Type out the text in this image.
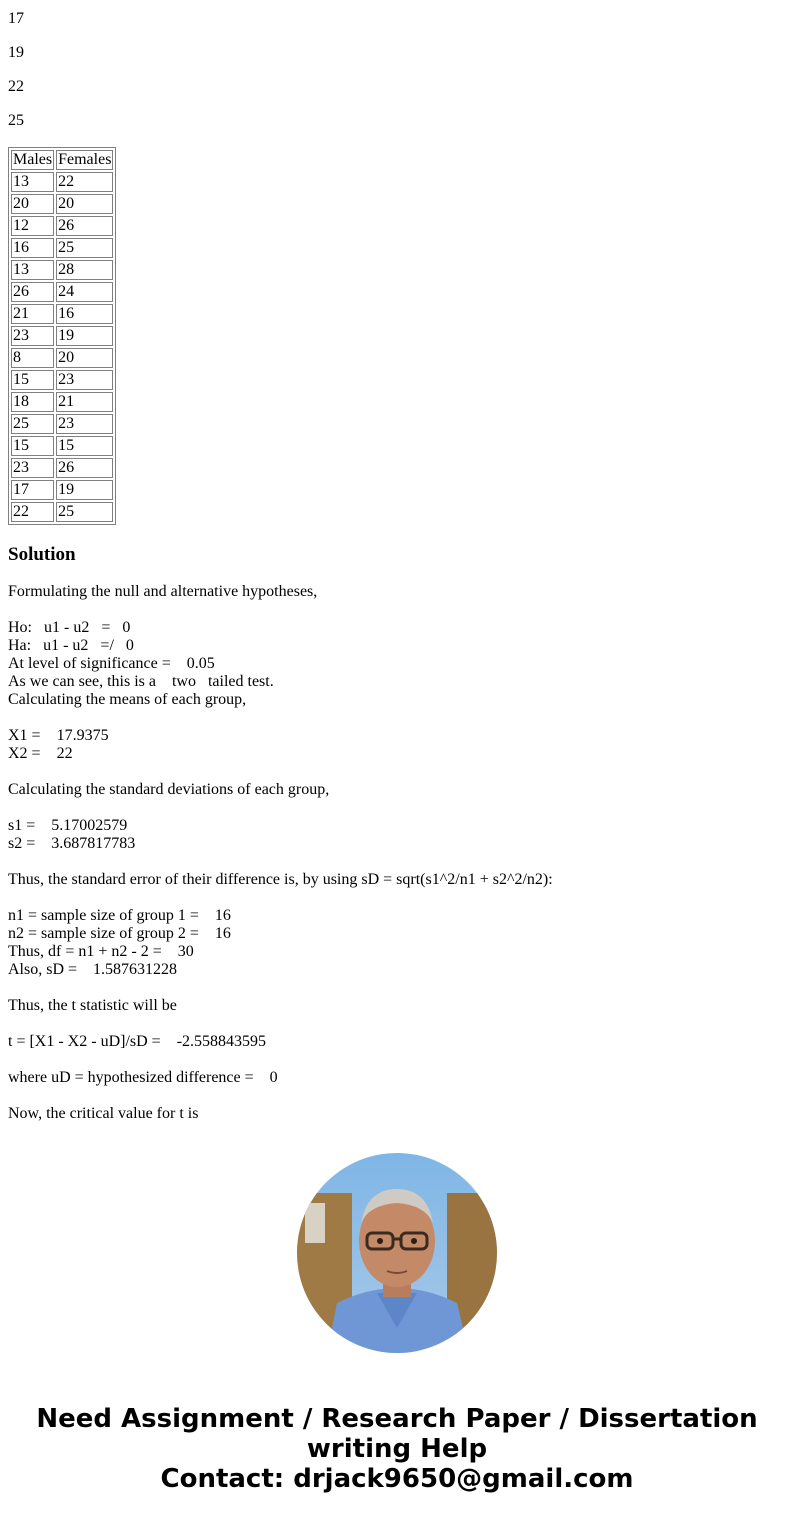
17

19

22

25

Males	Females
13	22
20	20
12	26
16	25
13	28
26	24
21	16
23	19
8	20
15	23
18	21
25	23
15	15
23	26
17	19
22	25
Solution
Formulating the null and alternative hypotheses,
Ho:   u1 - u2   =   0
Ha:   u1 - u2   =/   0
At level of significance =    0.05
As we can see, this is a    two   tailed test.
Calculating the means of each group,
X1 =    17.9375
X2 =    22
Calculating the standard deviations of each group,
s1 =    5.17002579
s2 =    3.687817783
Thus, the standard error of their difference is, by using sD = sqrt(s1^2/n1 + s2^2/n2):
n1 = sample size of group 1 =    16
n2 = sample size of group 2 =    16
Thus, df = n1 + n2 - 2 =    30
Also, sD =    1.587631228
Thus, the t statistic will be
t = [X1 - X2 - uD]/sD =    -2.558843595
where uD = hypothesized difference =    0
Now, the critical value for t is
Need Assignment / Research Paper / Dissertation
writing Help
Contact: drjack9650@gmail.com
